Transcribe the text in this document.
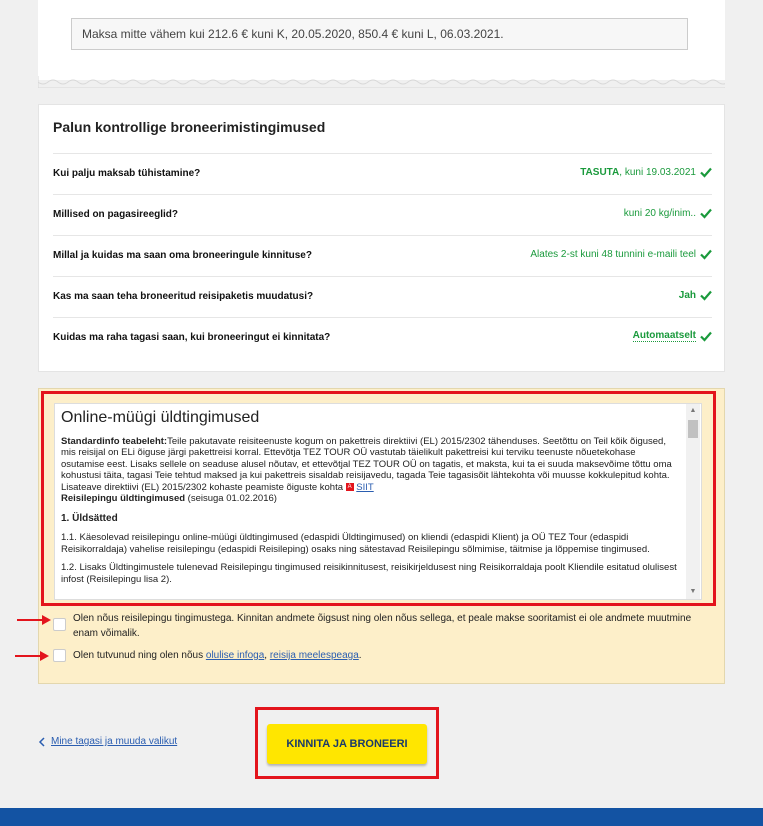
Maksa mitte vähem kui 212.6 € kuni K, 20.05.2020, 850.4 € kuni L, 06.03.2021.
Palun kontrollige broneerimistingimused
Kui palju maksab tühistamine?	TASUTA, kuni 19.03.2021
Millised on pagasireeglid?	kuni 20 kg/inim..
Millal ja kuidas ma saan oma broneeringule kinnituse?	Alates 2-st kuni 48 tunnini e-maili teel
Kas ma saan teha broneeritud reisipaketis muudatusi?	Jah
Kuidas ma raha tagasi saan, kui broneeringut ei kinnitata?	Automaatselt
Online-müügi üldtingimused

Standardinfo teabeleht:Teile pakutavate reisiteenuste kogum on pakettreis direktiivi (EL) 2015/2302 tähenduses. Seetõttu on Teil kõik õigused, mis reisijal on ELi õiguse järgi pakettreisi korral. Ettevõtja TEZ TOUR OÜ vastutab täielikult pakettreisi kui terviku teenuste nõuetekohase osutamise eest. Lisaks sellele on seaduse alusel nõutav, et ettevõtjal TEZ TOUR OÜ on tagatis, et maksta, kui ta ei suuda maksevõime tõttu oma kohustusi täita, tagasi Teie tehtud maksed ja kui pakettreis sisaldab reisijavedu, tagada Teie tagasisõit lähtekohta või muusse kokkulepitud kohta. Lisateave direktiivi (EL) 2015/2302 kohaste peamiste õiguste kohta A SIIT
Reisilepingu üldtingimused (seisuga 01.02.2016)

1. Üldsätted

1.1. Käesolevad reisilepingu online-müügi üldtingimused (edaspidi Üldtingimused) on kliendi (edaspidi Klient) ja OÜ TEZ Tour (edaspidi Reisikorraldaja) vahelise reisilepingu (edaspidi Reisileping) osaks ning sätestavad Reisilepingu sõlmimise, täitmise ja lõppemise tingimused.

1.2. Lisaks Üldtingimustele tulenevad Reisilepingu tingimused reisikinnitusest, reisikirjeldusest ning Reisikorraldaja poolt Kliendile esitatud olulisest infost (Reisilepingu lisa 2).

▲
▼
Olen nõus reisilepingu tingimustega. Kinnitan andmete õigsust ning olen nõus sellega, et peale makse sooritamist ei ole andmete muutmine enam võimalik.
Olen tutvunud ning olen nõus olulise infoga, reisija meelespeaga.
Mine tagasi ja muuda valikut	KINNITA JA BRONEERI
